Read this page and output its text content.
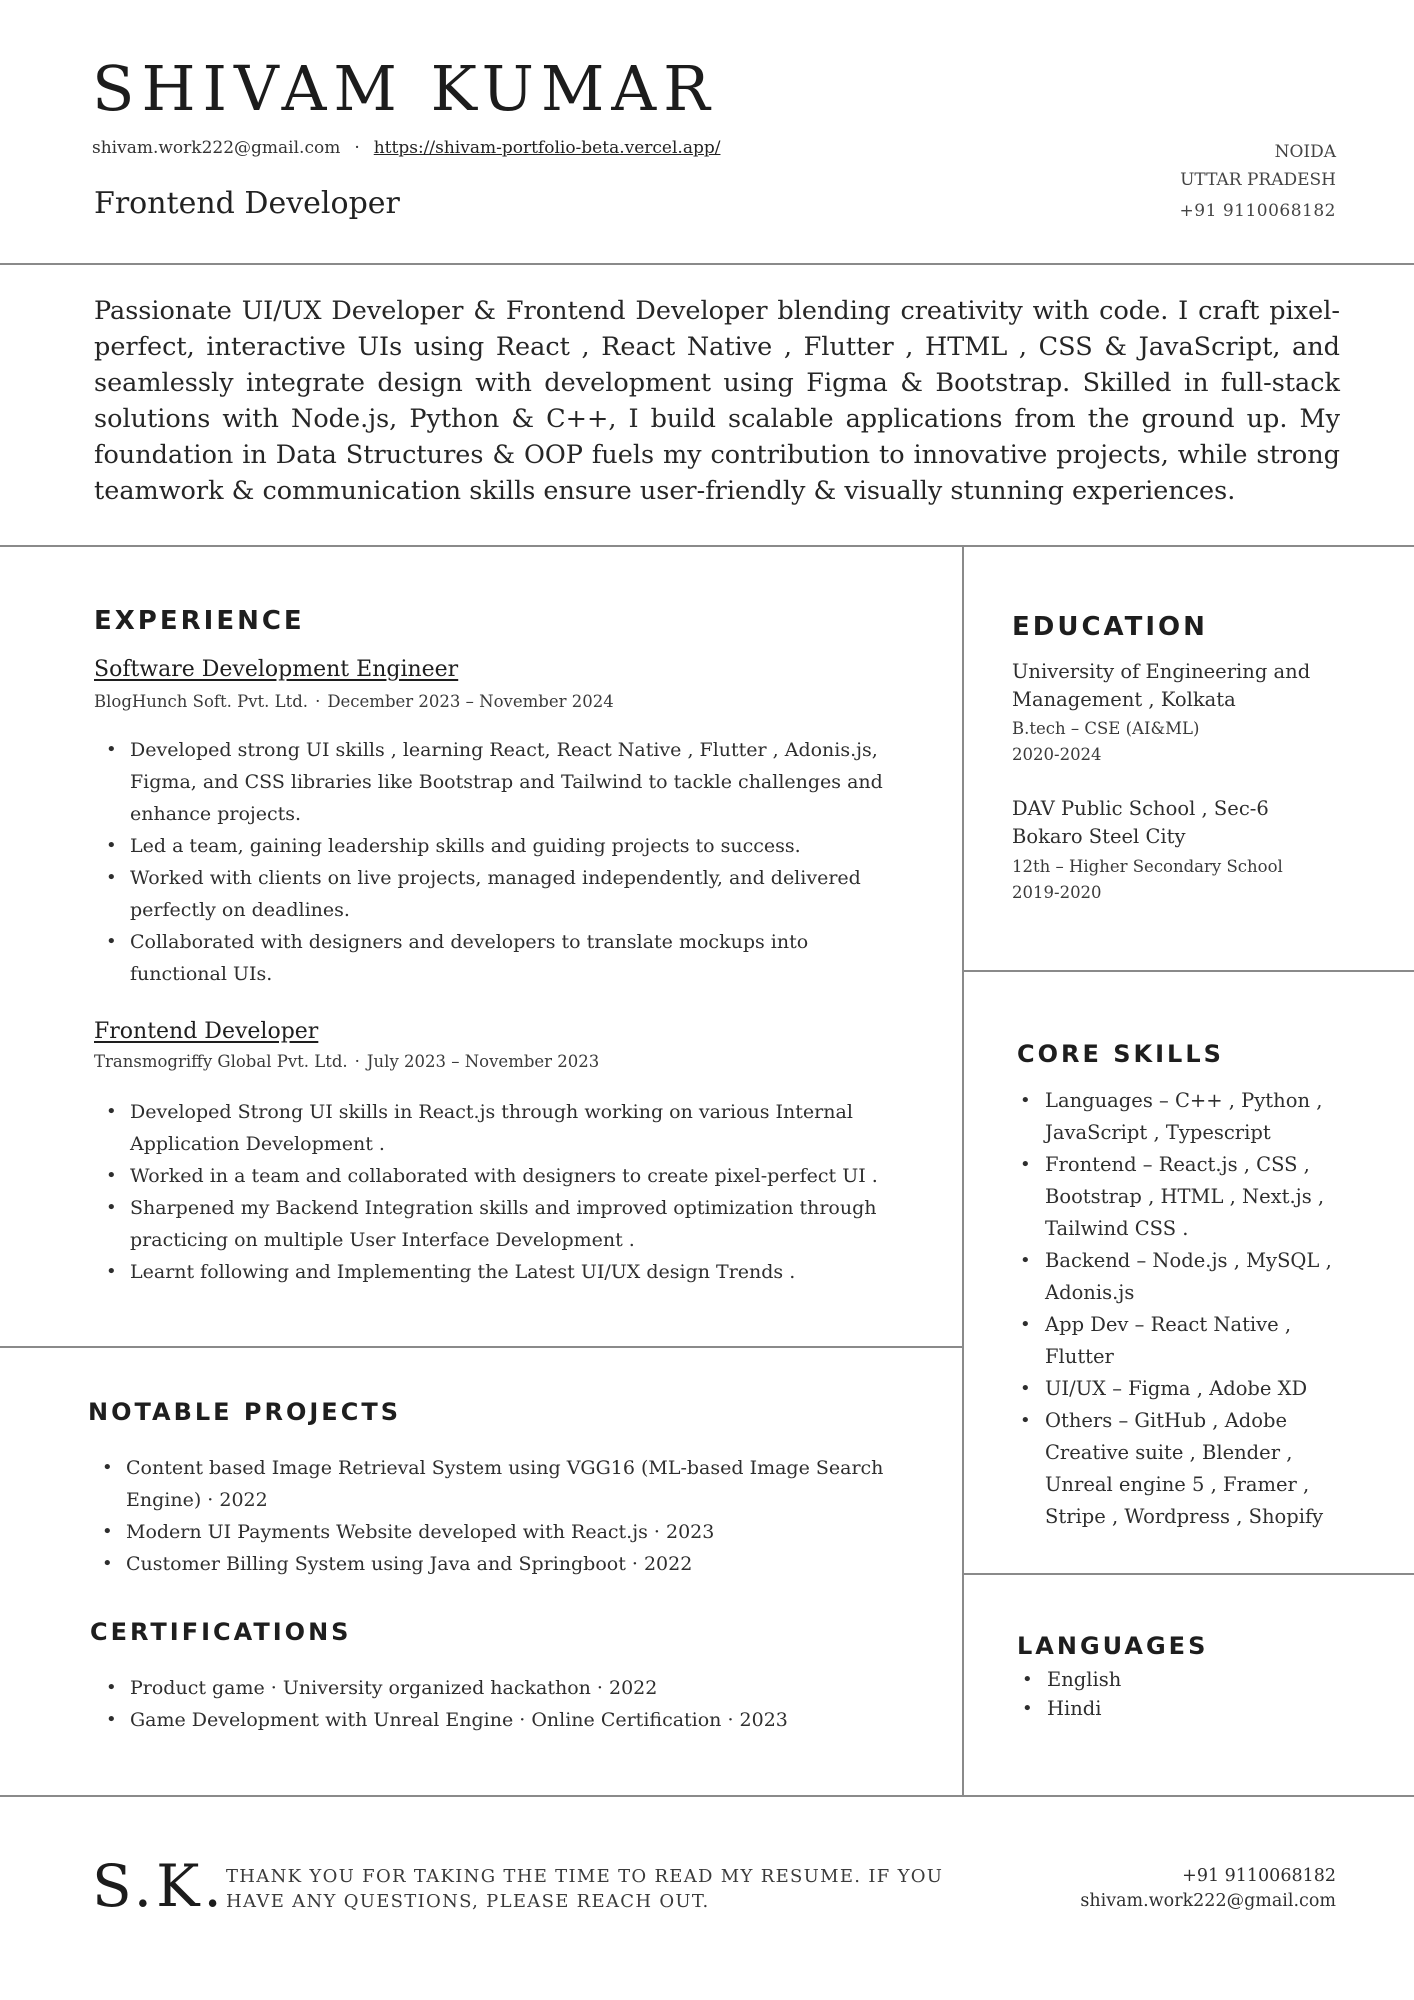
SHIVAM KUMAR
shivam.work222@gmail.com · https://shivam-portfolio-beta.vercel.app/
Frontend Developer
NOIDA
UTTAR PRADESH
+91 9110068182

Passionate UI/UX Developer & Frontend Developer blending creativity with code. I craft pixel-perfect, interactive UIs using React , React Native , Flutter , HTML , CSS & JavaScript, and seamlessly integrate design with development using Figma & Bootstrap. Skilled in full-stack solutions with Node.js, Python & C++, I build scalable applications from the ground up. My foundation in Data Structures & OOP fuels my contribution to innovative projects, while strong teamwork & communication skills ensure user-friendly & visually stunning experiences.

EXPERIENCE
Software Development Engineer
BlogHunch Soft. Pvt. Ltd. · December 2023 – November 2024
• Developed strong UI skills , learning React, React Native , Flutter , Adonis.js, Figma, and CSS libraries like Bootstrap and Tailwind to tackle challenges and enhance projects.
• Led a team, gaining leadership skills and guiding projects to success.
• Worked with clients on live projects, managed independently, and delivered perfectly on deadlines.
• Collaborated with designers and developers to translate mockups into functional UIs.
Frontend Developer
Transmogriffy Global Pvt. Ltd. · July 2023 – November 2023
• Developed Strong UI skills in React.js through working on various Internal Application Development .
• Worked in a team and collaborated with designers to create pixel-perfect UI .
• Sharpened my Backend Integration skills and improved optimization through practicing on multiple User Interface Development .
• Learnt following and Implementing the Latest UI/UX design Trends .
NOTABLE PROJECTS
• Content based Image Retrieval System using VGG16 (ML-based Image Search Engine) · 2022
• Modern UI Payments Website developed with React.js · 2023
• Customer Billing System using Java and Springboot · 2022
CERTIFICATIONS
• Product game · University organized hackathon · 2022
• Game Development with Unreal Engine · Online Certification · 2023
EDUCATION
University of Engineering and Management , Kolkata
B.tech – CSE (AI&ML)
2020-2024
DAV Public School , Sec-6 Bokaro Steel City
12th – Higher Secondary School
2019-2020
CORE SKILLS
• Languages – C++ , Python , JavaScript , Typescript
• Frontend – React.js , CSS , Bootstrap , HTML , Next.js , Tailwind CSS .
• Backend – Node.js , MySQL , Adonis.js
• App Dev – React Native , Flutter
• UI/UX – Figma , Adobe XD
• Others – GitHub , Adobe Creative suite , Blender , Unreal engine 5 , Framer , Stripe , Wordpress , Shopify
LANGUAGES
• English
• Hindi
S.K. THANK YOU FOR TAKING THE TIME TO READ MY RESUME. IF YOU HAVE ANY QUESTIONS, PLEASE REACH OUT.
+91 9110068182
shivam.work222@gmail.com
